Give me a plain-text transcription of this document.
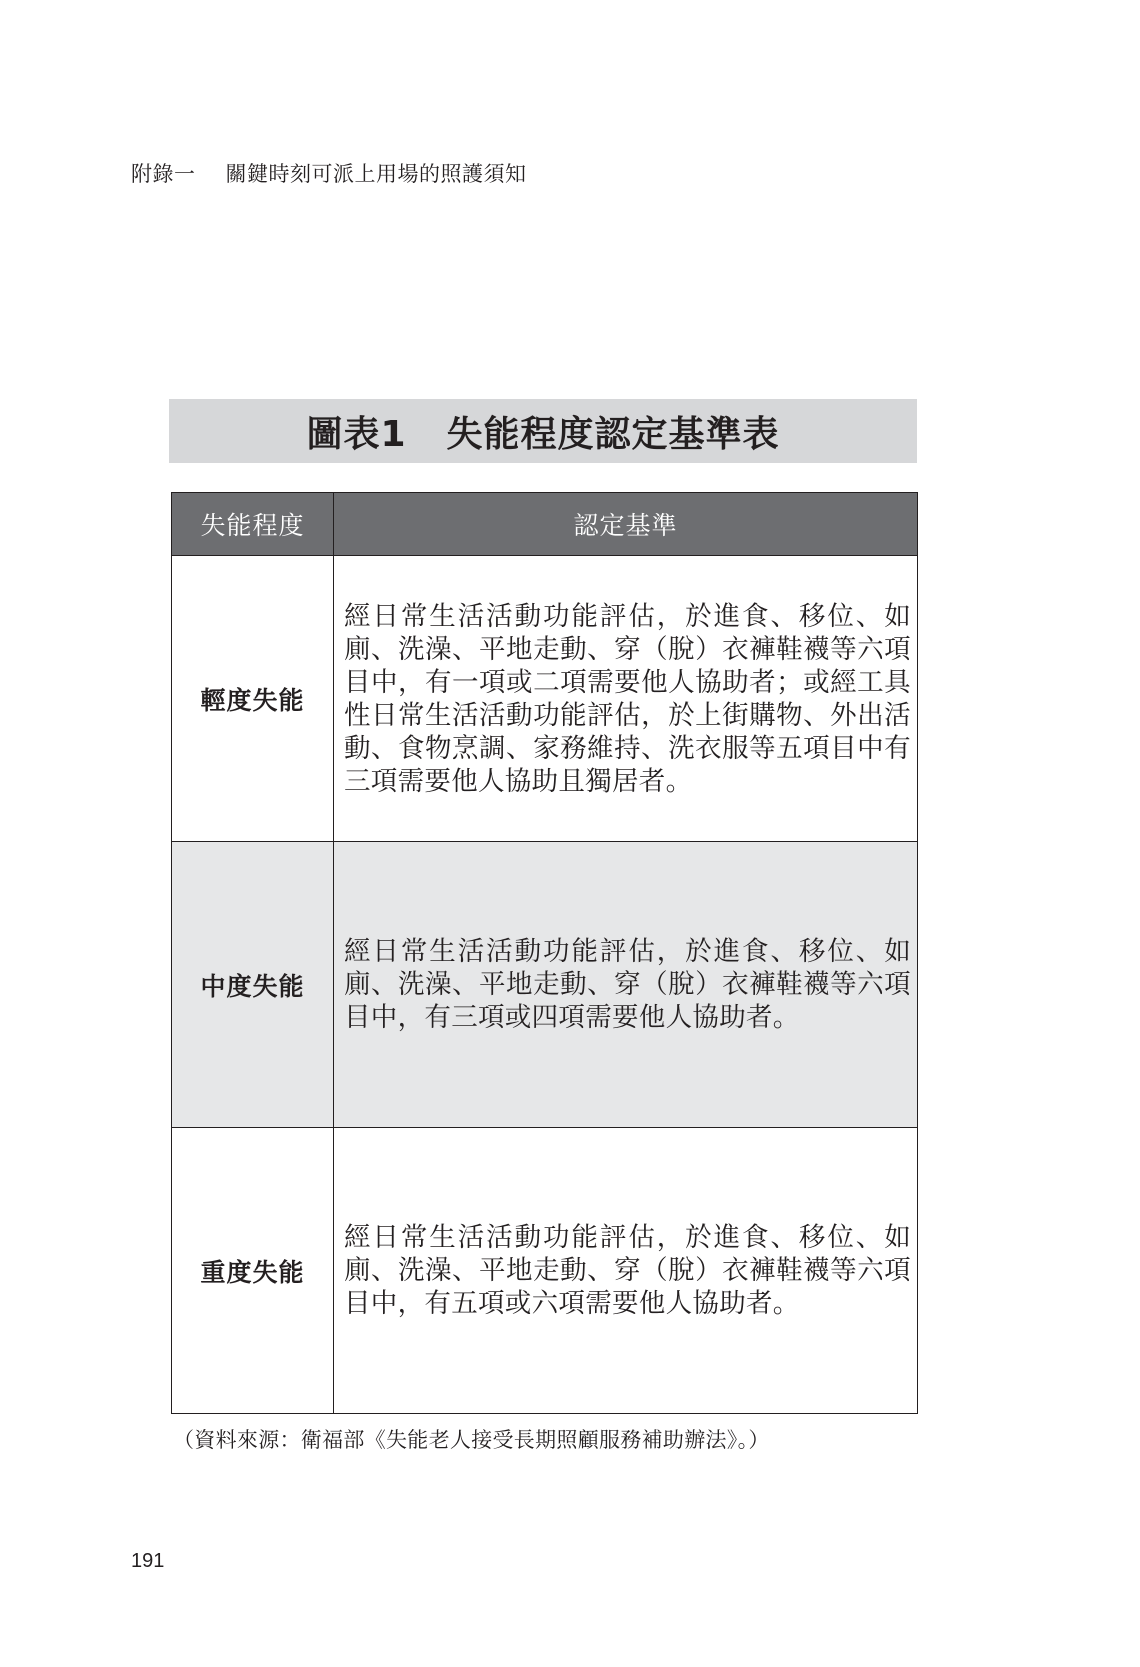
附錄一 關鍵時刻可派上用場的照護須知
圖表1 失能程度認定基準表
失能程度	認定基準
輕度失能	經日常生活活動功能評估，於進食、移位、如廁、洗澡、平地走動、穿（脫）衣褲鞋襪等六項目中，有一項或二項需要他人協助者；或經工具性日常生活活動功能評估，於上街購物、外出活動、食物烹調、家務維持、洗衣服等五項目中有三項需要他人協助且獨居者。
中度失能	經日常生活活動功能評估，於進食、移位、如廁、洗澡、平地走動、穿（脫）衣褲鞋襪等六項目中，有三項或四項需要他人協助者。
重度失能	經日常生活活動功能評估，於進食、移位、如廁、洗澡、平地走動、穿（脫）衣褲鞋襪等六項目中，有五項或六項需要他人協助者。
（資料來源：衛福部《失能老人接受長期照顧服務補助辦法》。）
191
